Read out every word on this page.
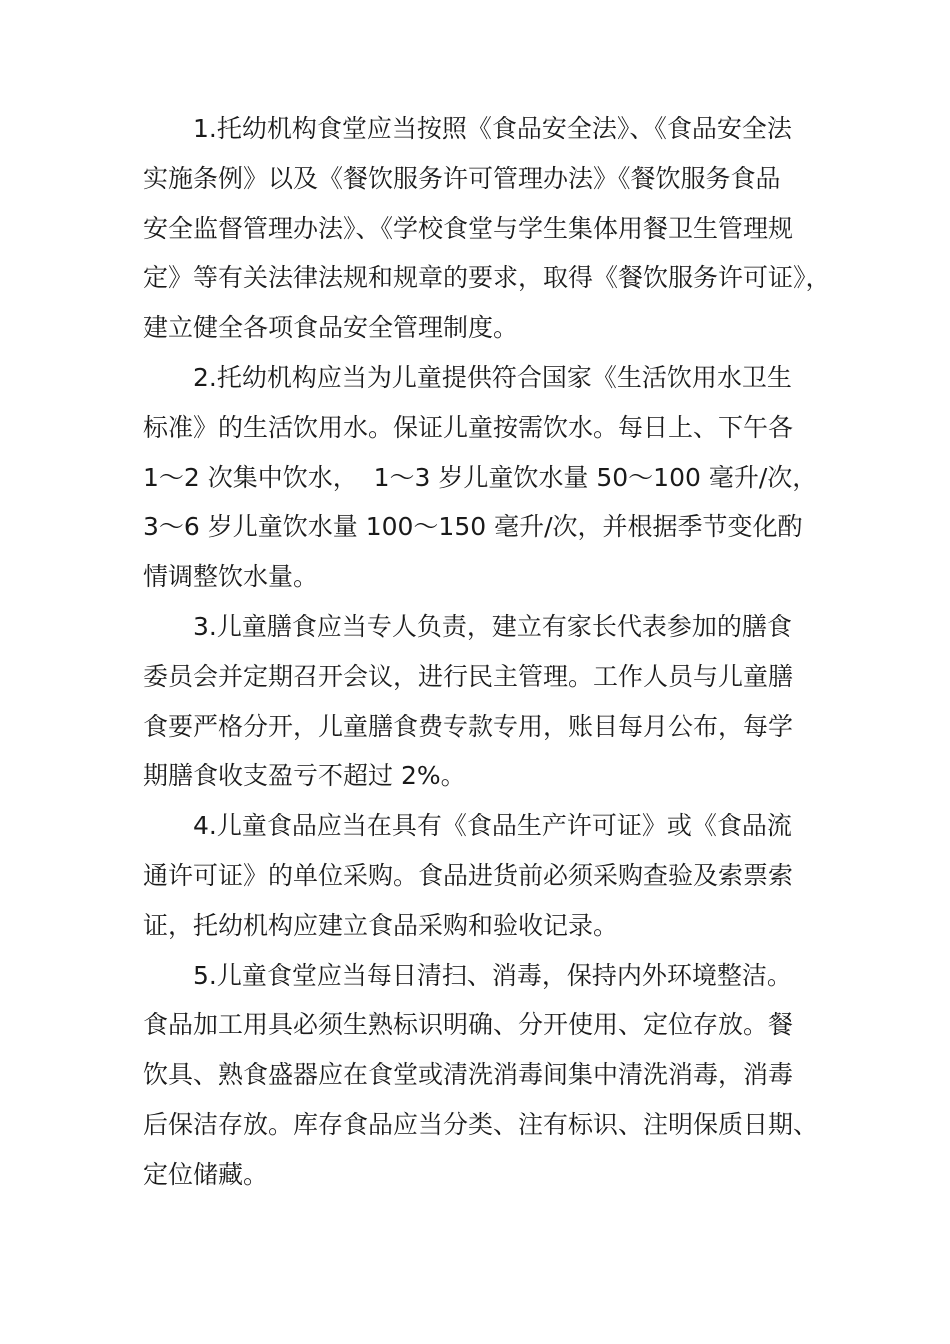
1.托幼机构食堂应当按照《食品安全法》、《食品安全法
实施条例》以及《餐饮服务许可管理办法》《餐饮服务食品
安全监督管理办法》、《学校食堂与学生集体用餐卫生管理规
定》等有关法律法规和规章的要求，取得《餐饮服务许可证》，
建立健全各项食品安全管理制度。

2.托幼机构应当为儿童提供符合国家《生活饮用水卫生
标准》的生活饮用水。保证儿童按需饮水。每日上、下午各
1～2 次集中饮水，  1～3 岁儿童饮水量 50～100 毫升/次，
3～6 岁儿童饮水量 100～150 毫升/次，并根据季节变化酌
情调整饮水量。

3.儿童膳食应当专人负责，建立有家长代表参加的膳食
委员会并定期召开会议，进行民主管理。工作人员与儿童膳
食要严格分开，儿童膳食费专款专用，账目每月公布，每学
期膳食收支盈亏不超过 2%。

4.儿童食品应当在具有《食品生产许可证》或《食品流
通许可证》的单位采购。食品进货前必须采购查验及索票索
证，托幼机构应建立食品采购和验收记录。

5.儿童食堂应当每日清扫、消毒，保持内外环境整洁。
食品加工用具必须生熟标识明确、分开使用、定位存放。餐
饮具、熟食盛器应在食堂或清洗消毒间集中清洗消毒，消毒
后保洁存放。库存食品应当分类、注有标识、注明保质日期、
定位储藏。
